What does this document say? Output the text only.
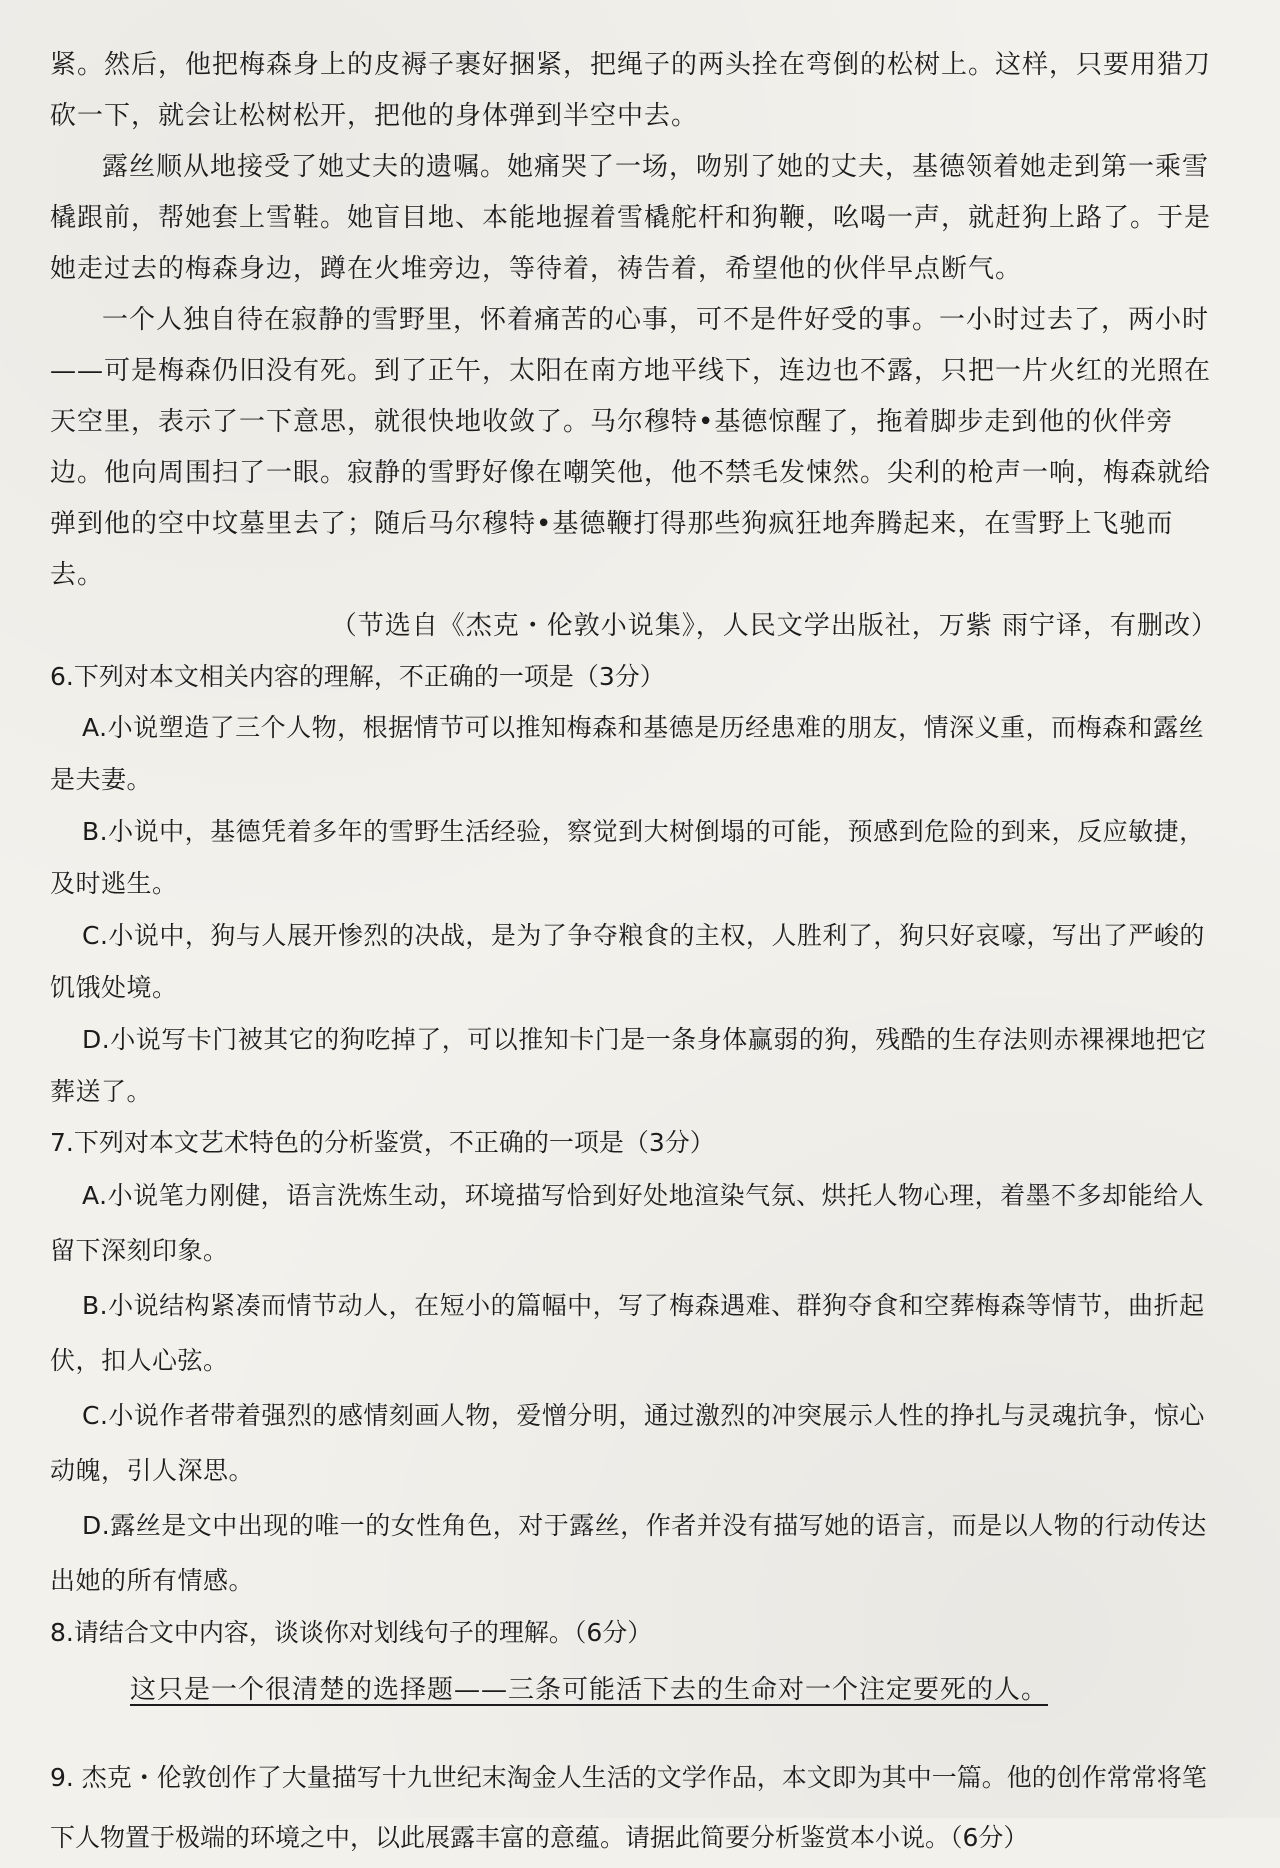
紧。然后，他把梅森身上的皮褥子裹好捆紧，把绳子的两头拴在弯倒的松树上。这样，只要用猎刀砍一下，就会让松树松开，把他的身体弹到半空中去。

露丝顺从地接受了她丈夫的遗嘱。她痛哭了一场，吻别了她的丈夫，基德领着她走到第一乘雪橇跟前，帮她套上雪鞋。她盲目地、本能地握着雪橇舵杆和狗鞭，吆喝一声，就赶狗上路了。于是她走过去的梅森身边，蹲在火堆旁边，等待着，祷告着，希望他的伙伴早点断气。

一个人独自待在寂静的雪野里，怀着痛苦的心事，可不是件好受的事。一小时过去了，两小时——可是梅森仍旧没有死。到了正午，太阳在南方地平线下，连边也不露，只把一片火红的光照在天空里，表示了一下意思，就很快地收敛了。马尔穆特•基德惊醒了，拖着脚步走到他的伙伴旁边。他向周围扫了一眼。寂静的雪野好像在嘲笑他，他不禁毛发悚然。尖利的枪声一响，梅森就给弹到他的空中坟墓里去了；随后马尔穆特•基德鞭打得那些狗疯狂地奔腾起来，在雪野上飞驰而去。

（节选自《杰克・伦敦小说集》，人民文学出版社，万紫 雨宁译，有删改）

6.下列对本文相关内容的理解，不正确的一项是（3分）

A.小说塑造了三个人物，根据情节可以推知梅森和基德是历经患难的朋友，情深义重，而梅森和露丝是夫妻。

B.小说中，基德凭着多年的雪野生活经验，察觉到大树倒塌的可能，预感到危险的到来，反应敏捷，及时逃生。

C.小说中，狗与人展开惨烈的决战，是为了争夺粮食的主权，人胜利了，狗只好哀嚎，写出了严峻的饥饿处境。

D.小说写卡门被其它的狗吃掉了，可以推知卡门是一条身体赢弱的狗，残酷的生存法则赤裸裸地把它葬送了。

7.下列对本文艺术特色的分析鉴赏，不正确的一项是（3分）

A.小说笔力刚健，语言洗炼生动，环境描写恰到好处地渲染气氛、烘托人物心理，着墨不多却能给人留下深刻印象。

B.小说结构紧凑而情节动人，在短小的篇幅中，写了梅森遇难、群狗夺食和空葬梅森等情节，曲折起伏，扣人心弦。

C.小说作者带着强烈的感情刻画人物，爱憎分明，通过激烈的冲突展示人性的挣扎与灵魂抗争，惊心动魄，引人深思。

D.露丝是文中出现的唯一的女性角色，对于露丝，作者并没有描写她的语言，而是以人物的行动传达出她的所有情感。

8.请结合文中内容，谈谈你对划线句子的理解。（6分）

这只是一个很清楚的选择题——三条可能活下去的生命对一个注定要死的人。

9. 杰克・伦敦创作了大量描写十九世纪末淘金人生活的文学作品，本文即为其中一篇。他的创作常常将笔下人物置于极端的环境之中，以此展露丰富的意蕴。请据此简要分析鉴赏本小说。（6分）
